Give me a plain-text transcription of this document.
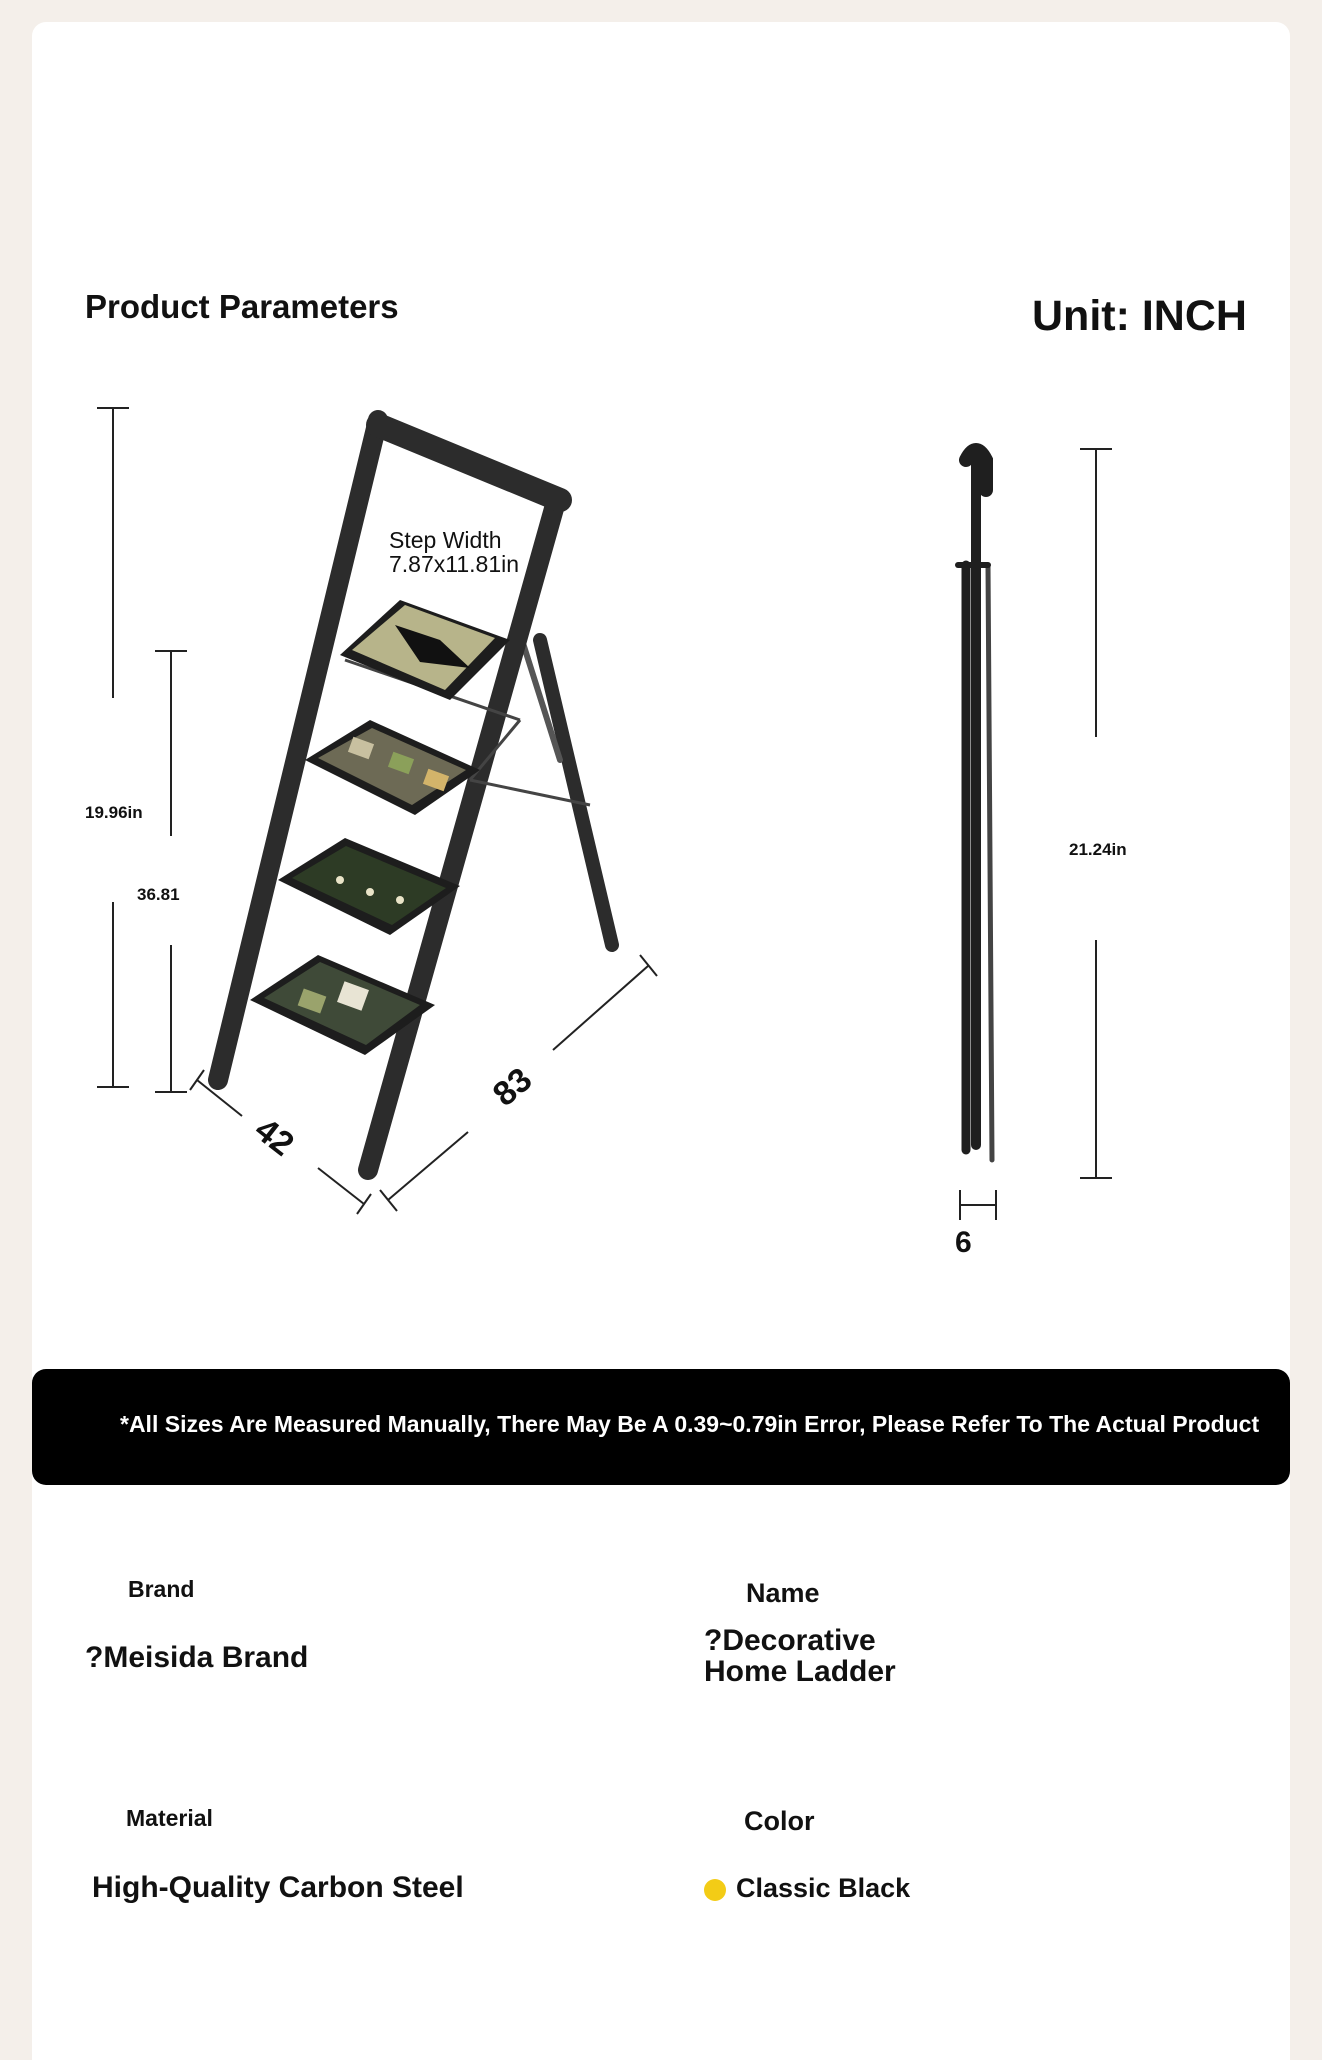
Product Parameters	Unit: INCH
Step Width
7.87x11.81in
19.96in
36.81
21.24in
42
83
6
*All Sizes Are Measured Manually, There May Be A 0.39~0.79in Error, Please Refer To The Actual Product
Brand
?Meisida Brand
Name
?Decorative
Home Ladder
Material
High-Quality Carbon Steel
Color
Classic Black
